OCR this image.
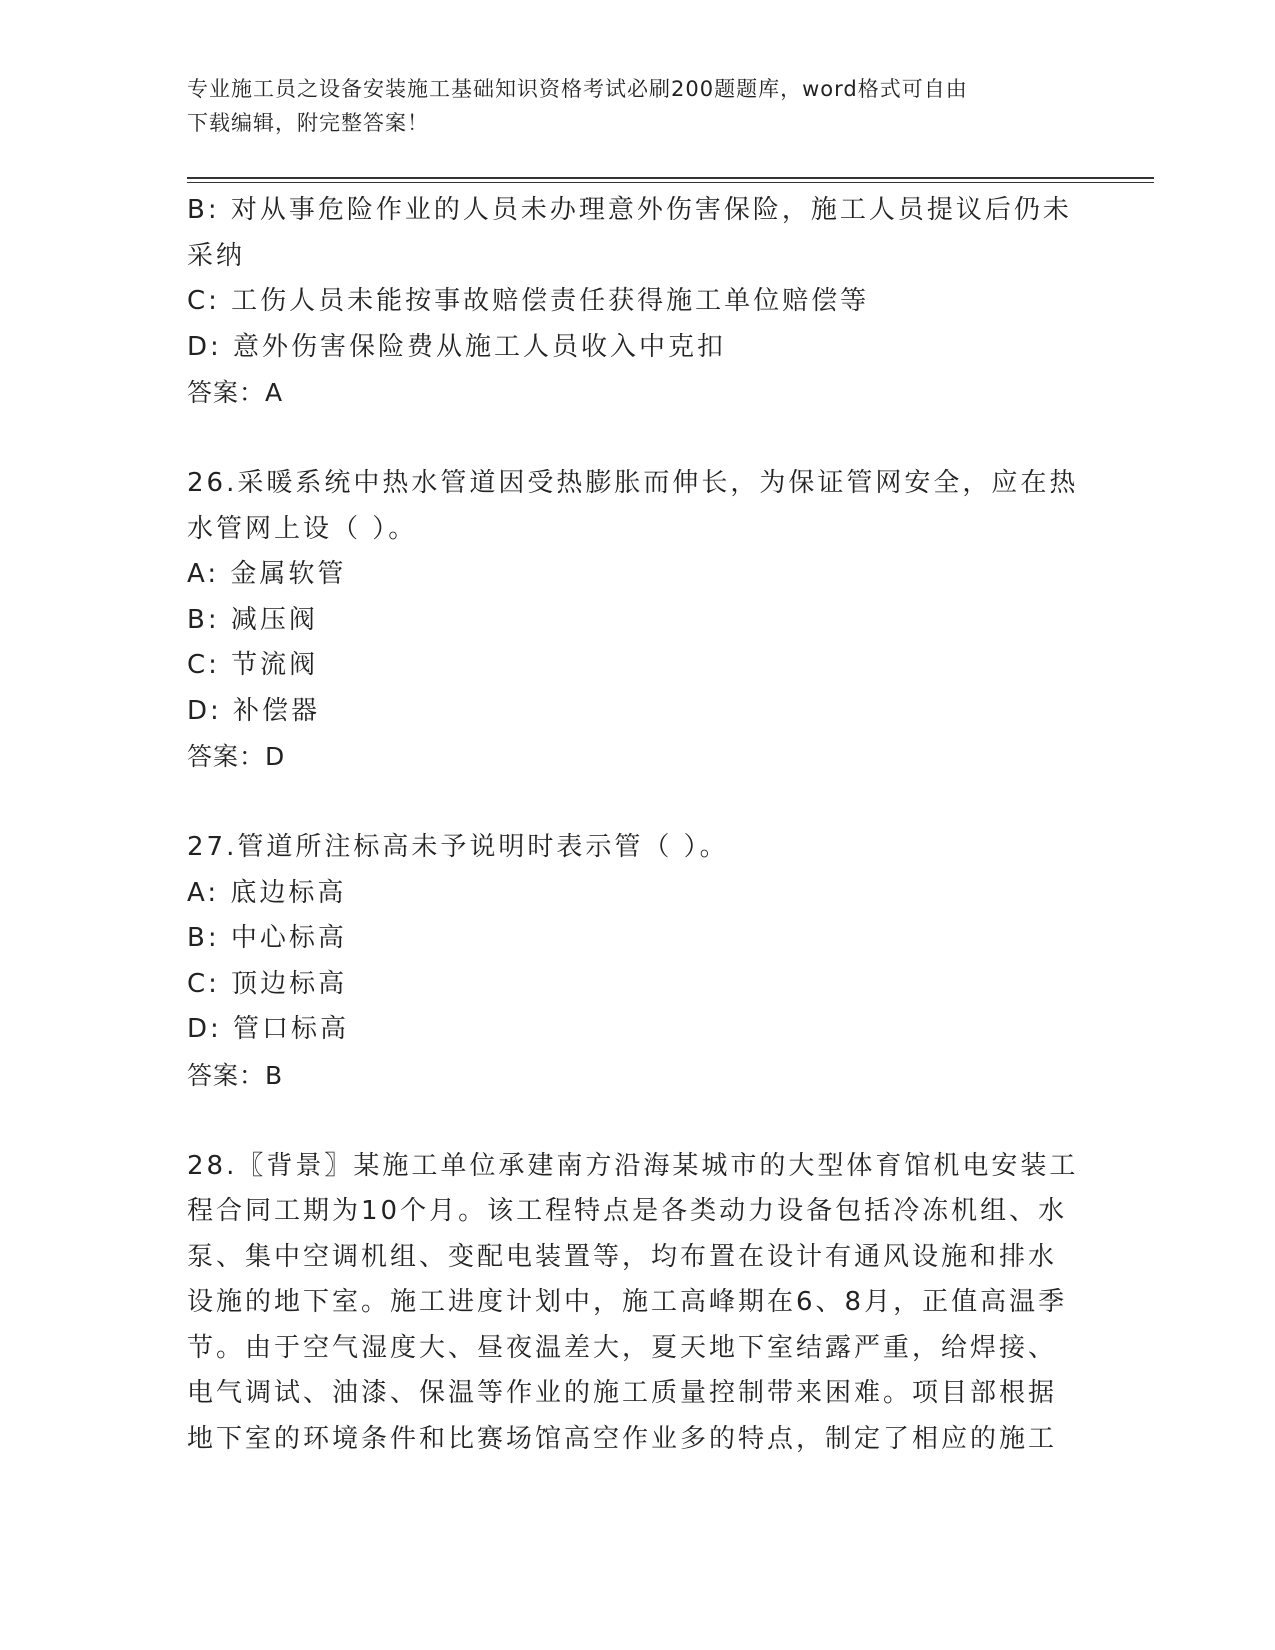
专业施工员之设备安装施工基础知识资格考试必刷200题题库，word格式可自由
下载编辑，附完整答案！
B: 对从事危险作业的人员未办理意外伤害保险，施工人员提议后仍未
采纳
C: 工伤人员未能按事故赔偿责任获得施工单位赔偿等
D: 意外伤害保险费从施工人员收入中克扣
答案：A
26.采暖系统中热水管道因受热膨胀而伸长，为保证管网安全，应在热
水管网上设（ ）。
A: 金属软管
B: 减压阀
C: 节流阀
D: 补偿器
答案：D
27.管道所注标高未予说明时表示管（ ）。
A: 底边标高
B: 中心标高
C: 顶边标高
D: 管口标高
答案：B
28.〖背景〗某施工单位承建南方沿海某城市的大型体育馆机电安装工
程合同工期为10个月。该工程特点是各类动力设备包括冷冻机组、水
泵、集中空调机组、变配电装置等，均布置在设计有通风设施和排水
设施的地下室。施工进度计划中，施工高峰期在6、8月，正值高温季
节。由于空气湿度大、昼夜温差大，夏天地下室结露严重，给焊接、
电气调试、油漆、保温等作业的施工质量控制带来困难。项目部根据
地下室的环境条件和比赛场馆高空作业多的特点，制定了相应的施工
